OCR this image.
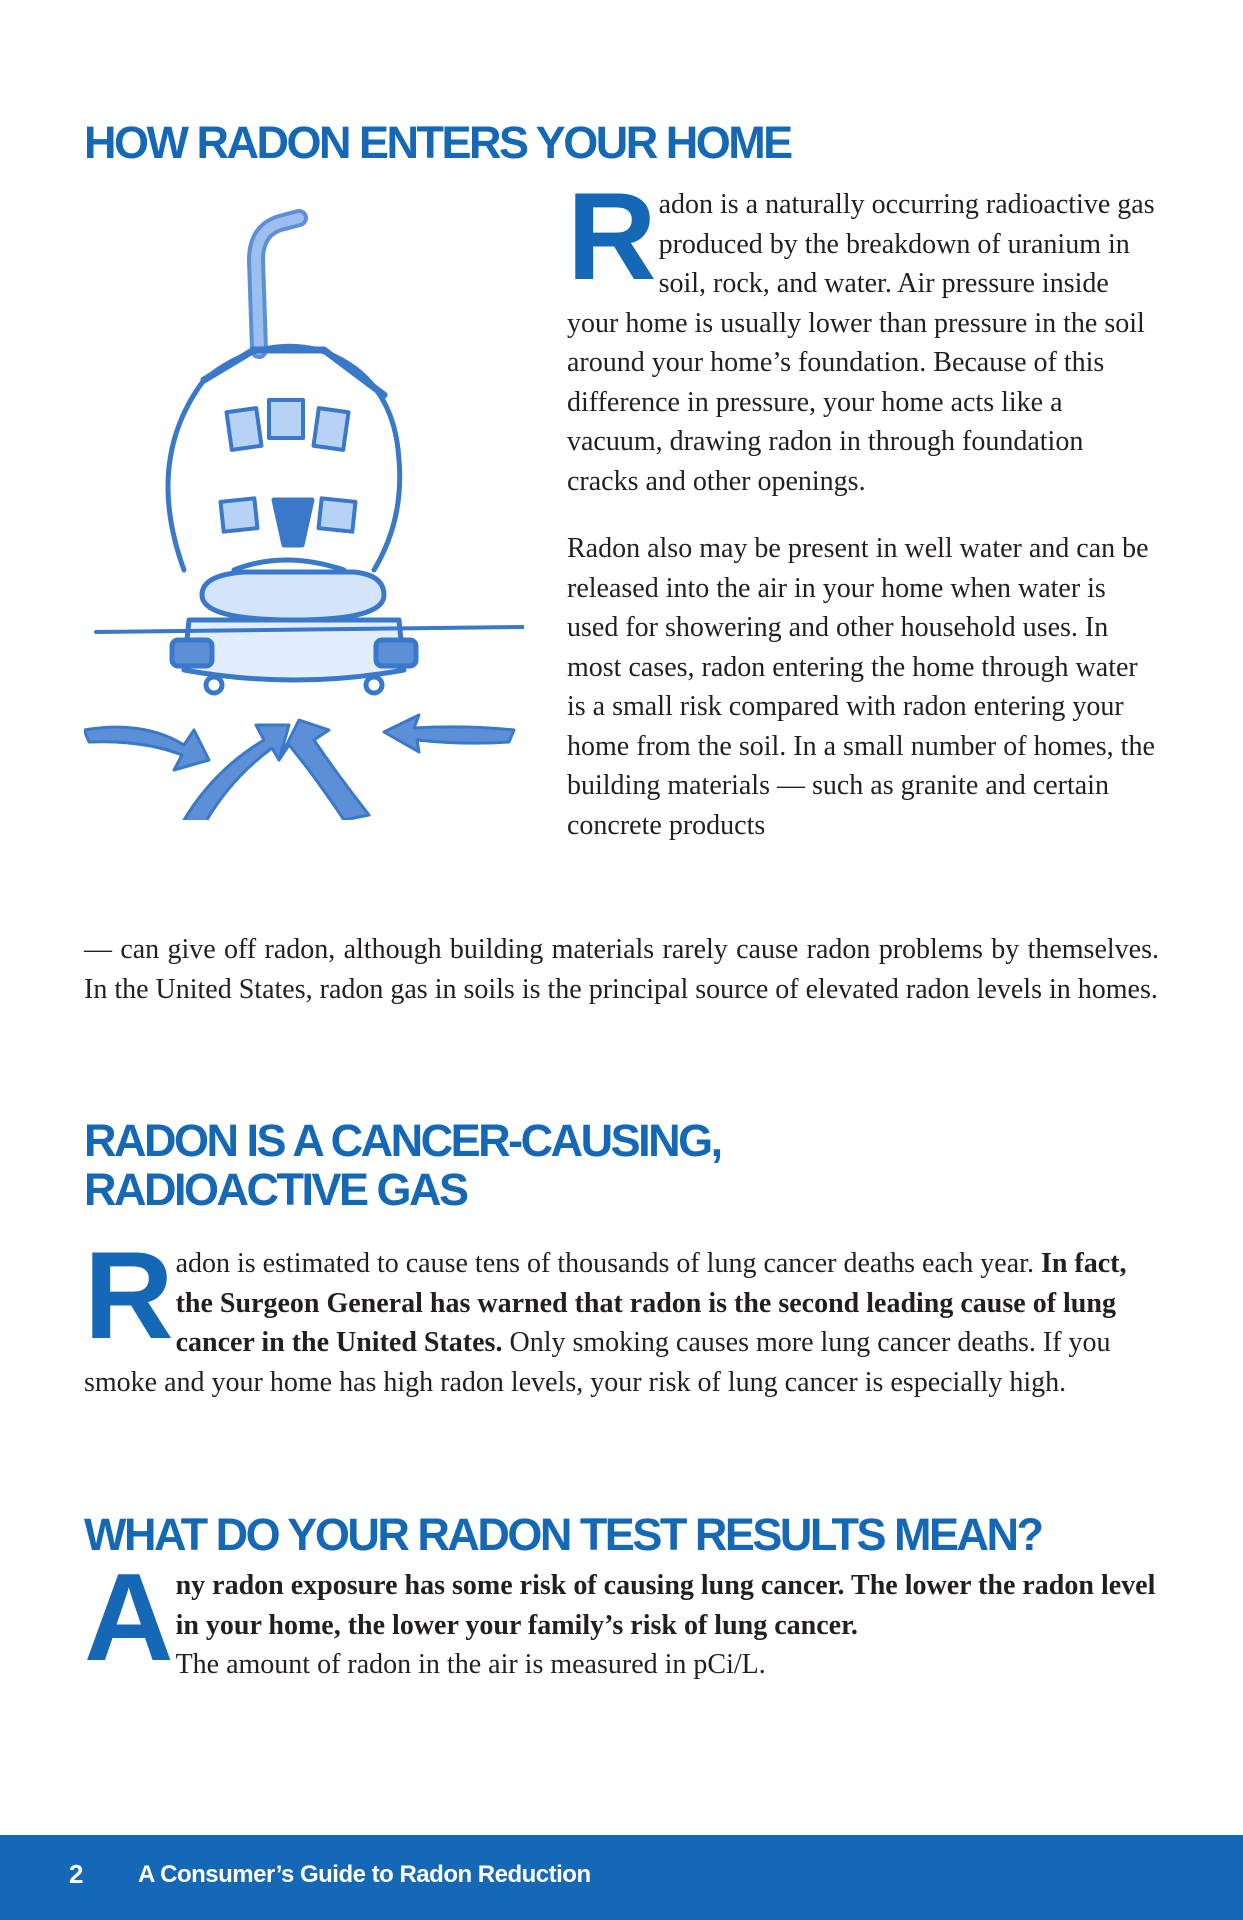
HOW RADON ENTERS YOUR HOME

Radon is a naturally occurring radioactive gas produced by the breakdown of uranium in soil, rock, and water. Air pressure inside your home is usually lower than pressure in the soil around your home’s foundation. Because of this difference in pressure, your home acts like a vacuum, drawing radon in through foundation cracks and other openings.

Radon also may be present in well water and can be released into the air in your home when water is used for showering and other household uses. In most cases, radon entering the home through water is a small risk compared with radon entering your home from the soil. In a small number of homes, the building materials — such as granite and certain concrete products

— can give off radon, although building materials rarely cause radon problems by themselves. In the United States, radon gas in soils is the principal source of elevated radon levels in homes.

RADON IS A CANCER-CAUSING,
RADIOACTIVE GAS

Radon is estimated to cause tens of thousands of lung cancer deaths each year. In fact, the Surgeon General has warned that radon is the second leading cause of lung cancer in the United States. Only smoking causes more lung cancer deaths. If you smoke and your home has high radon levels, your risk of lung cancer is especially high.

WHAT DO YOUR RADON TEST RESULTS MEAN?

Any radon exposure has some risk of causing lung cancer. The lower the radon level in your home, the lower your family’s risk of lung cancer.
The amount of radon in the air is measured in pCi/L.

2 A Consumer’s Guide to Radon Reduction
